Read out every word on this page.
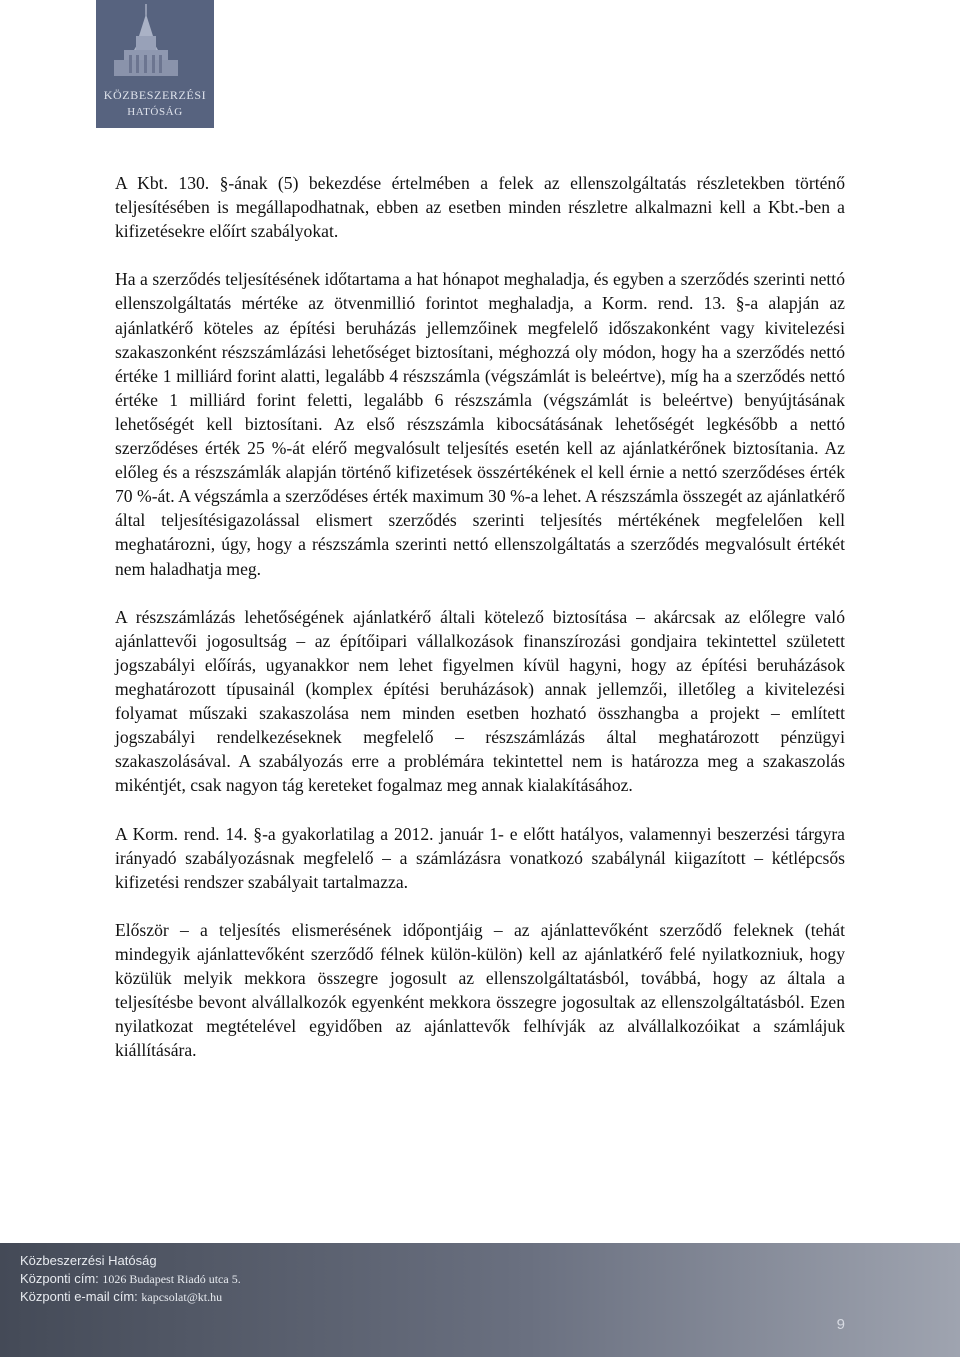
KÖZBESZERZÉSI
HATÓSÁG

A Kbt. 130. §-ának (5) bekezdése értelmében a felek az ellenszolgáltatás részletekben történő teljesítésében is megállapodhatnak, ebben az esetben minden részletre alkalmazni kell a Kbt.-ben a kifizetésekre előírt szabályokat.

Ha a szerződés teljesítésének időtartama a hat hónapot meghaladja, és egyben a szerződés szerinti nettó ellenszolgáltatás mértéke az ötvenmillió forintot meghaladja, a Korm. rend. 13. §-a alapján az ajánlatkérő köteles az építési beruházás jellemzőinek megfelelő időszakonként vagy kivitelezési szakaszonként részszámlázási lehetőséget biztosítani, méghozzá oly módon, hogy ha a szerződés nettó értéke 1 milliárd forint alatti, legalább 4 részszámla (végszámlát is beleértve), míg ha a szerződés nettó értéke 1 milliárd forint feletti, legalább 6 részszámla (végszámlát is beleértve) benyújtásának lehetőségét kell biztosítani. Az első részszámla kibocsátásának lehetőségét legkésőbb a nettó szerződéses érték 25 %-át elérő megvalósult teljesítés esetén kell az ajánlatkérőnek biztosítania. Az előleg és a részszámlák alapján történő kifizetések összértékének el kell érnie a nettó szerződéses érték 70 %-át. A végszámla a szerződéses érték maximum 30 %-a lehet. A részszámla összegét az ajánlatkérő által teljesítésigazolással elismert szerződés szerinti teljesítés mértékének megfelelően kell meghatározni, úgy, hogy a részszámla szerinti nettó ellenszolgáltatás a szerződés megvalósult értékét nem haladhatja meg.

A részszámlázás lehetőségének ajánlatkérő általi kötelező biztosítása – akárcsak az előlegre való ajánlattevői jogosultság – az építőipari vállalkozások finanszírozási gondjaira tekintettel született jogszabályi előírás, ugyanakkor nem lehet figyelmen kívül hagyni, hogy az építési beruházások meghatározott típusainál (komplex építési beruházások) annak jellemzői, illetőleg a kivitelezési folyamat műszaki szakaszolása nem minden esetben hozható összhangba a projekt – említett jogszabályi rendelkezéseknek megfelelő – részszámlázás által meghatározott pénzügyi szakaszolásával. A szabályozás erre a problémára tekintettel nem is határozza meg a szakaszolás mikéntjét, csak nagyon tág kereteket fogalmaz meg annak kialakításához.

A Korm. rend. 14. §-a gyakorlatilag a 2012. január 1- e előtt hatályos, valamennyi beszerzési tárgyra irányadó szabályozásnak megfelelő – a számlázásra vonatkozó szabálynál kiigazított – kétlépcsős kifizetési rendszer szabályait tartalmazza.

Először – a teljesítés elismerésének időpontjáig – az ajánlattevőként szerződő feleknek (tehát mindegyik ajánlattevőként szerződő félnek külön-külön) kell az ajánlatkérő felé nyilatkozniuk, hogy közülük melyik mekkora összegre jogosult az ellenszolgáltatásból, továbbá, hogy az általa a teljesítésbe bevont alvállalkozók egyenként mekkora összegre jogosultak az ellenszolgáltatásból. Ezen nyilatkozat megtételével egyidőben az ajánlattevők felhívják az alvállalkozóikat a számlájuk kiállítására.

Közbeszerzési Hatóság
Központi cím: 1026 Budapest Riadó utca 5.
Központi e-mail cím: kapcsolat@kt.hu
9
